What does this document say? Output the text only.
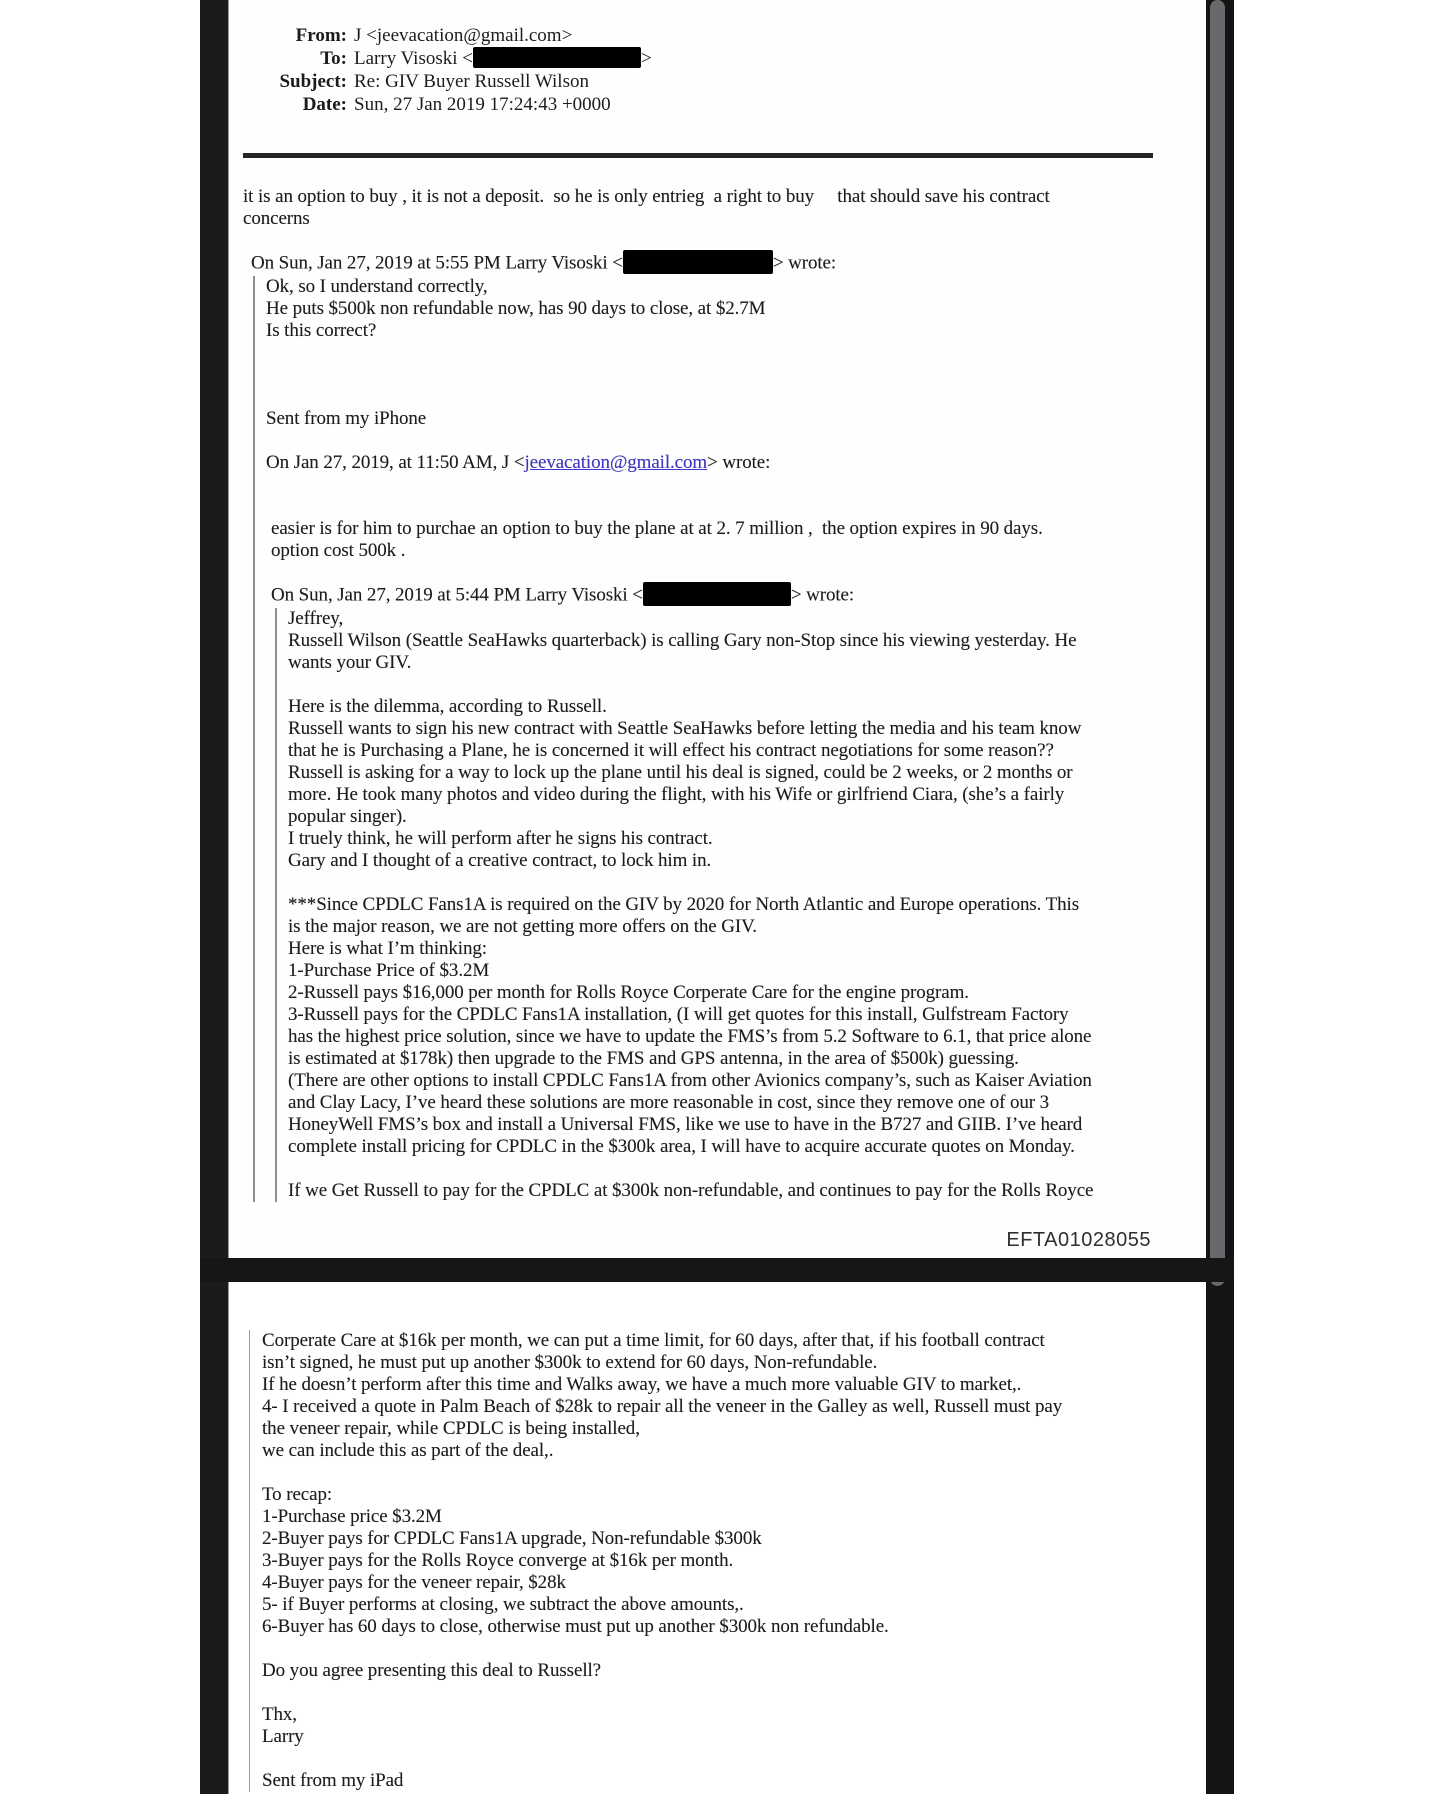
From: J <jeevacation@gmail.com>
To: Larry Visoski <	>
Subject: Re: GIV Buyer Russell Wilson
Date: Sun, 27 Jan 2019 17:24:43 +0000
it is an option to buy , it is not a deposit.  so he is only entrieg  a right to buy     that should save his contract
concerns

On Sun, Jan 27, 2019 at 5:55 PM Larry Visoski <	> wrote:
Ok, so I understand correctly,
He puts $500k non refundable now, has 90 days to close, at $2.7M
Is this correct?

Sent from my iPhone

On Jan 27, 2019, at 11:50 AM, J <jeevacation@gmail.com> wrote:

easier is for him to purchae an option to buy the plane at at 2. 7 million ,  the option expires in 90 days.
option cost 500k .

On Sun, Jan 27, 2019 at 5:44 PM Larry Visoski <	> wrote:
Jeffrey,
Russell Wilson (Seattle SeaHawks quarterback) is calling Gary non-Stop since his viewing yesterday. He
wants your GIV.

Here is the dilemma, according to Russell.
Russell wants to sign his new contract with Seattle SeaHawks before letting the media and his team know
that he is Purchasing a Plane, he is concerned it will effect his contract negotiations for some reason??
Russell is asking for a way to lock up the plane until his deal is signed, could be 2 weeks, or 2 months or
more. He took many photos and video during the flight, with his Wife or girlfriend Ciara, (she’s a fairly
popular singer).
I truely think, he will perform after he signs his contract.
Gary and I thought of a creative contract, to lock him in.

***Since CPDLC Fans1A is required on the GIV by 2020 for North Atlantic and Europe operations. This
is the major reason, we are not getting more offers on the GIV.
Here is what I’m thinking:
1-Purchase Price of $3.2M
2-Russell pays $16,000 per month for Rolls Royce Corperate Care for the engine program.
3-Russell pays for the CPDLC Fans1A installation, (I will get quotes for this install, Gulfstream Factory
has the highest price solution, since we have to update the FMS’s from 5.2 Software to 6.1, that price alone
is estimated at $178k) then upgrade to the FMS and GPS antenna, in the area of $500k) guessing.
(There are other options to install CPDLC Fans1A from other Avionics company’s, such as Kaiser Aviation
and Clay Lacy, I’ve heard these solutions are more reasonable in cost, since they remove one of our 3
HoneyWell FMS’s box and install a Universal FMS, like we use to have in the B727 and GIIB. I’ve heard
complete install pricing for CPDLC in the $300k area, I will have to acquire accurate quotes on Monday.

If we Get Russell to pay for the CPDLC at $300k non-refundable, and continues to pay for the Rolls Royce
EFTA01028055
Corperate Care at $16k per month, we can put a time limit, for 60 days, after that, if his football contract
isn’t signed, he must put up another $300k to extend for 60 days, Non-refundable.
If he doesn’t perform after this time and Walks away, we have a much more valuable GIV to market,.
4- I received a quote in Palm Beach of $28k to repair all the veneer in the Galley as well, Russell must pay
the veneer repair, while CPDLC is being installed,
we can include this as part of the deal,.

To recap:
1-Purchase price $3.2M
2-Buyer pays for CPDLC Fans1A upgrade, Non-refundable $300k
3-Buyer pays for the Rolls Royce converge at $16k per month.
4-Buyer pays for the veneer repair, $28k
5- if Buyer performs at closing, we subtract the above amounts,.
6-Buyer has 60 days to close, otherwise must put up another $300k non refundable.

Do you agree presenting this deal to Russell?

Thx,
Larry

Sent from my iPad
